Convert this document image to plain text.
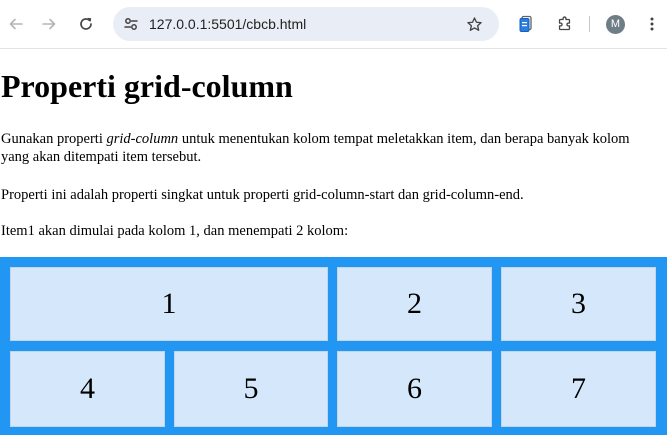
127.0.0.1:5501/cbcb.html	M
Properti grid-column

Gunakan properti grid-column untuk menentukan kolom tempat meletakkan item, dan berapa banyak kolom
yang akan ditempati item tersebut.

Properti ini adalah properti singkat untuk properti grid-column-start dan grid-column-end.

Item1 akan dimulai pada kolom 1, dan menempati 2 kolom:

1	2	3
4	5	6	7
